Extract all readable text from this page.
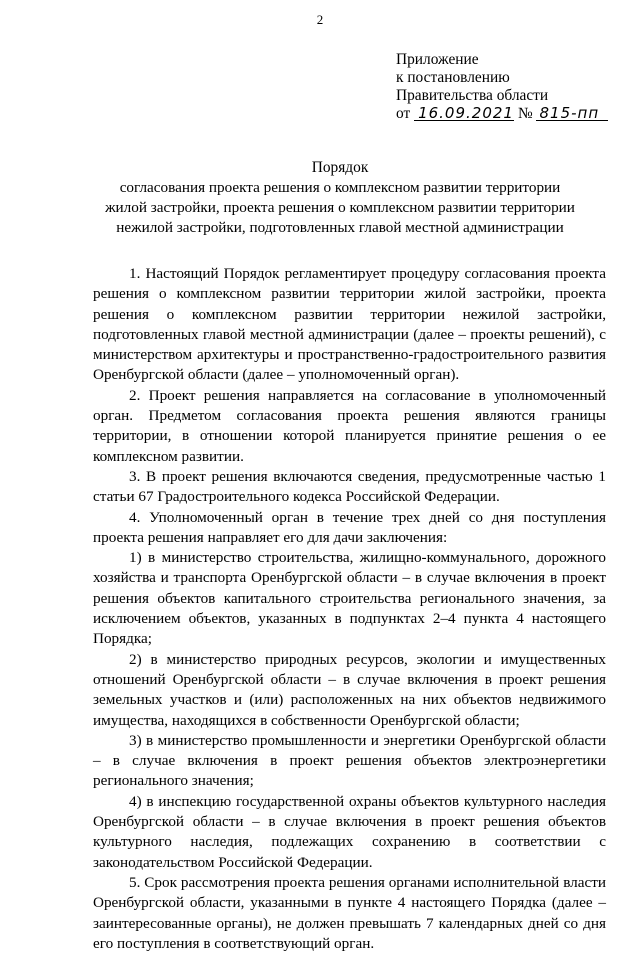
2
Приложение
к постановлению
Правительства области
от 16.09.2021 № 815-пп
Порядок
согласования проекта решения о комплексном развитии территории
жилой застройки, проекта решения о комплексном развитии территории
нежилой застройки, подготовленных главой местной администрации

1. Настоящий Порядок регламентирует процедуру согласования проекта решения о комплексном развитии территории жилой застройки, проекта решения о комплексном развитии территории нежилой застройки, подготовленных главой местной администрации (далее – проекты решений), с министерством архитектуры и пространственно-градостроительного развития Оренбургской области (далее – уполномоченный орган).

2. Проект решения направляется на согласование в уполномоченный орган. Предметом согласования проекта решения являются границы территории, в отношении которой планируется принятие решения о ее комплексном развитии.

3. В проект решения включаются сведения, предусмотренные частью 1 статьи 67 Градостроительного кодекса Российской Федерации.

4. Уполномоченный орган в течение трех дней со дня поступления проекта решения направляет его для дачи заключения:

1) в министерство строительства, жилищно-коммунального, дорожного хозяйства и транспорта Оренбургской области – в случае включения в проект решения объектов капитального строительства регионального значения, за исключением объектов, указанных в подпунктах 2–4 пункта 4 настоящего Порядка;

2) в министерство природных ресурсов, экологии и имущественных отношений Оренбургской области – в случае включения в проект решения земельных участков и (или) расположенных на них объектов недвижимого имущества, находящихся в собственности Оренбургской области;

3) в министерство промышленности и энергетики Оренбургской области – в случае включения в проект решения объектов электроэнергетики регионального значения;

4) в инспекцию государственной охраны объектов культурного наследия Оренбургской области – в случае включения в проект решения объектов культурного наследия, подлежащих сохранению в соответствии с законодательством Российской Федерации.

5. Срок рассмотрения проекта решения органами исполнительной власти Оренбургской области, указанными в пункте 4 настоящего Порядка (далее – заинтересованные органы), не должен превышать 7 календарных дней со дня его поступления в соответствующий орган.
